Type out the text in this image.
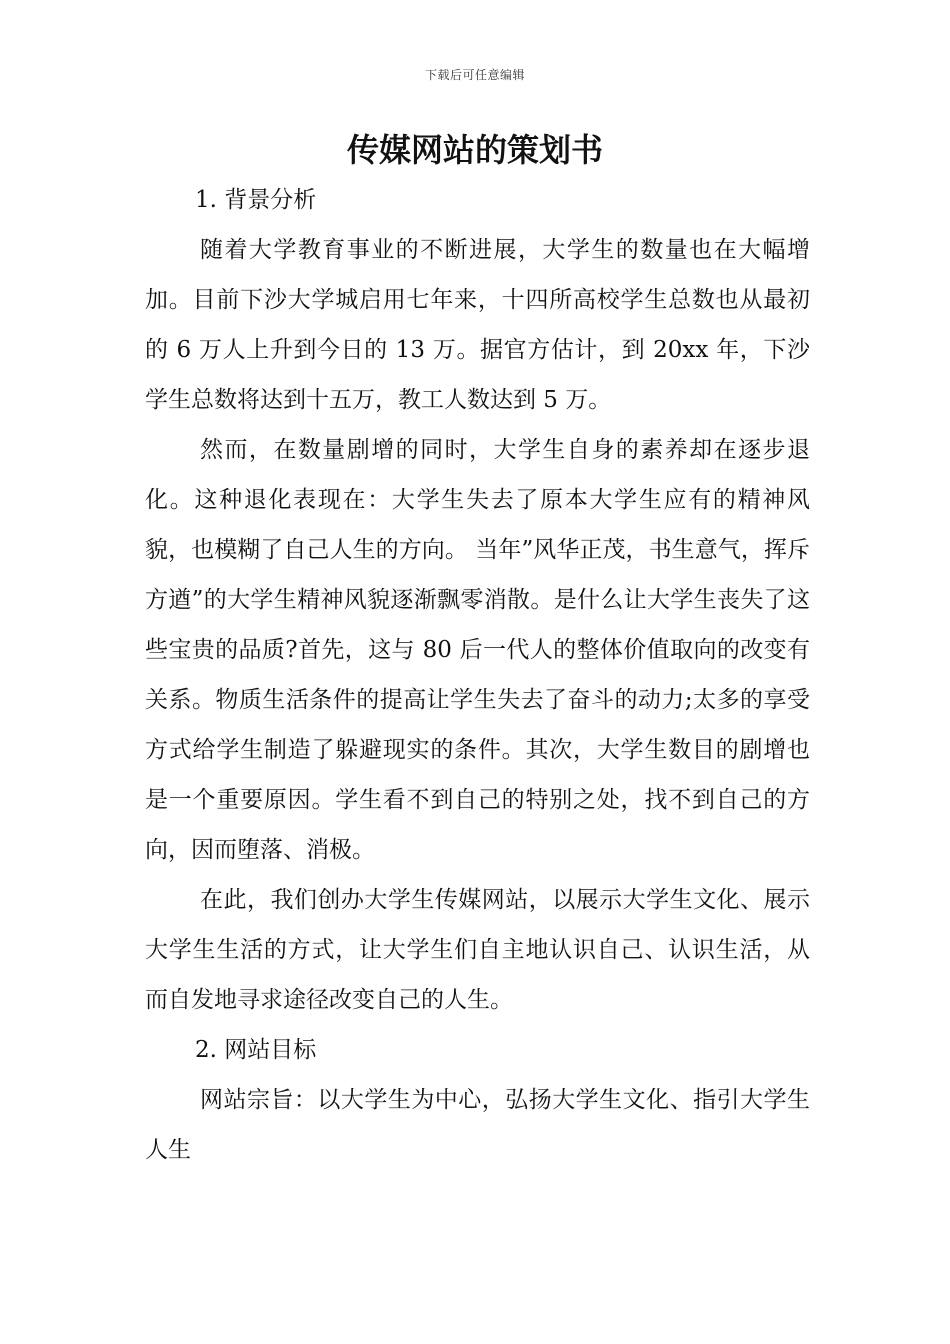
下载后可任意编辑
传媒网站的策划书
1. 背景分析

随着大学教育事业的不断进展，大学生的数量也在大幅增加。目前下沙大学城启用七年来，十四所高校学生总数也从最初的 6 万人上升到今日的 13 万。据官方估计，到 20xx 年，下沙学生总数将达到十五万，教工人数达到 5 万。

然而，在数量剧增的同时，大学生自身的素养却在逐步退化。这种退化表现在：大学生失去了原本大学生应有的精神风貌，也模糊了自己人生的方向。 当年”风华正茂，书生意气，挥斥方遒”的大学生精神风貌逐渐飘零消散。是什么让大学生丧失了这些宝贵的品质?首先，这与 80 后一代人的整体价值取向的改变有关系。物质生活条件的提高让学生失去了奋斗的动力;太多的享受方式给学生制造了躲避现实的条件。其次，大学生数目的剧增也是一个重要原因。学生看不到自己的特别之处，找不到自己的方向，因而堕落、消极。

在此，我们创办大学生传媒网站，以展示大学生文化、展示大学生生活的方式，让大学生们自主地认识自己、认识生活，从而自发地寻求途径改变自己的人生。

2. 网站目标

网站宗旨：以大学生为中心，弘扬大学生文化、指引大学生人生
